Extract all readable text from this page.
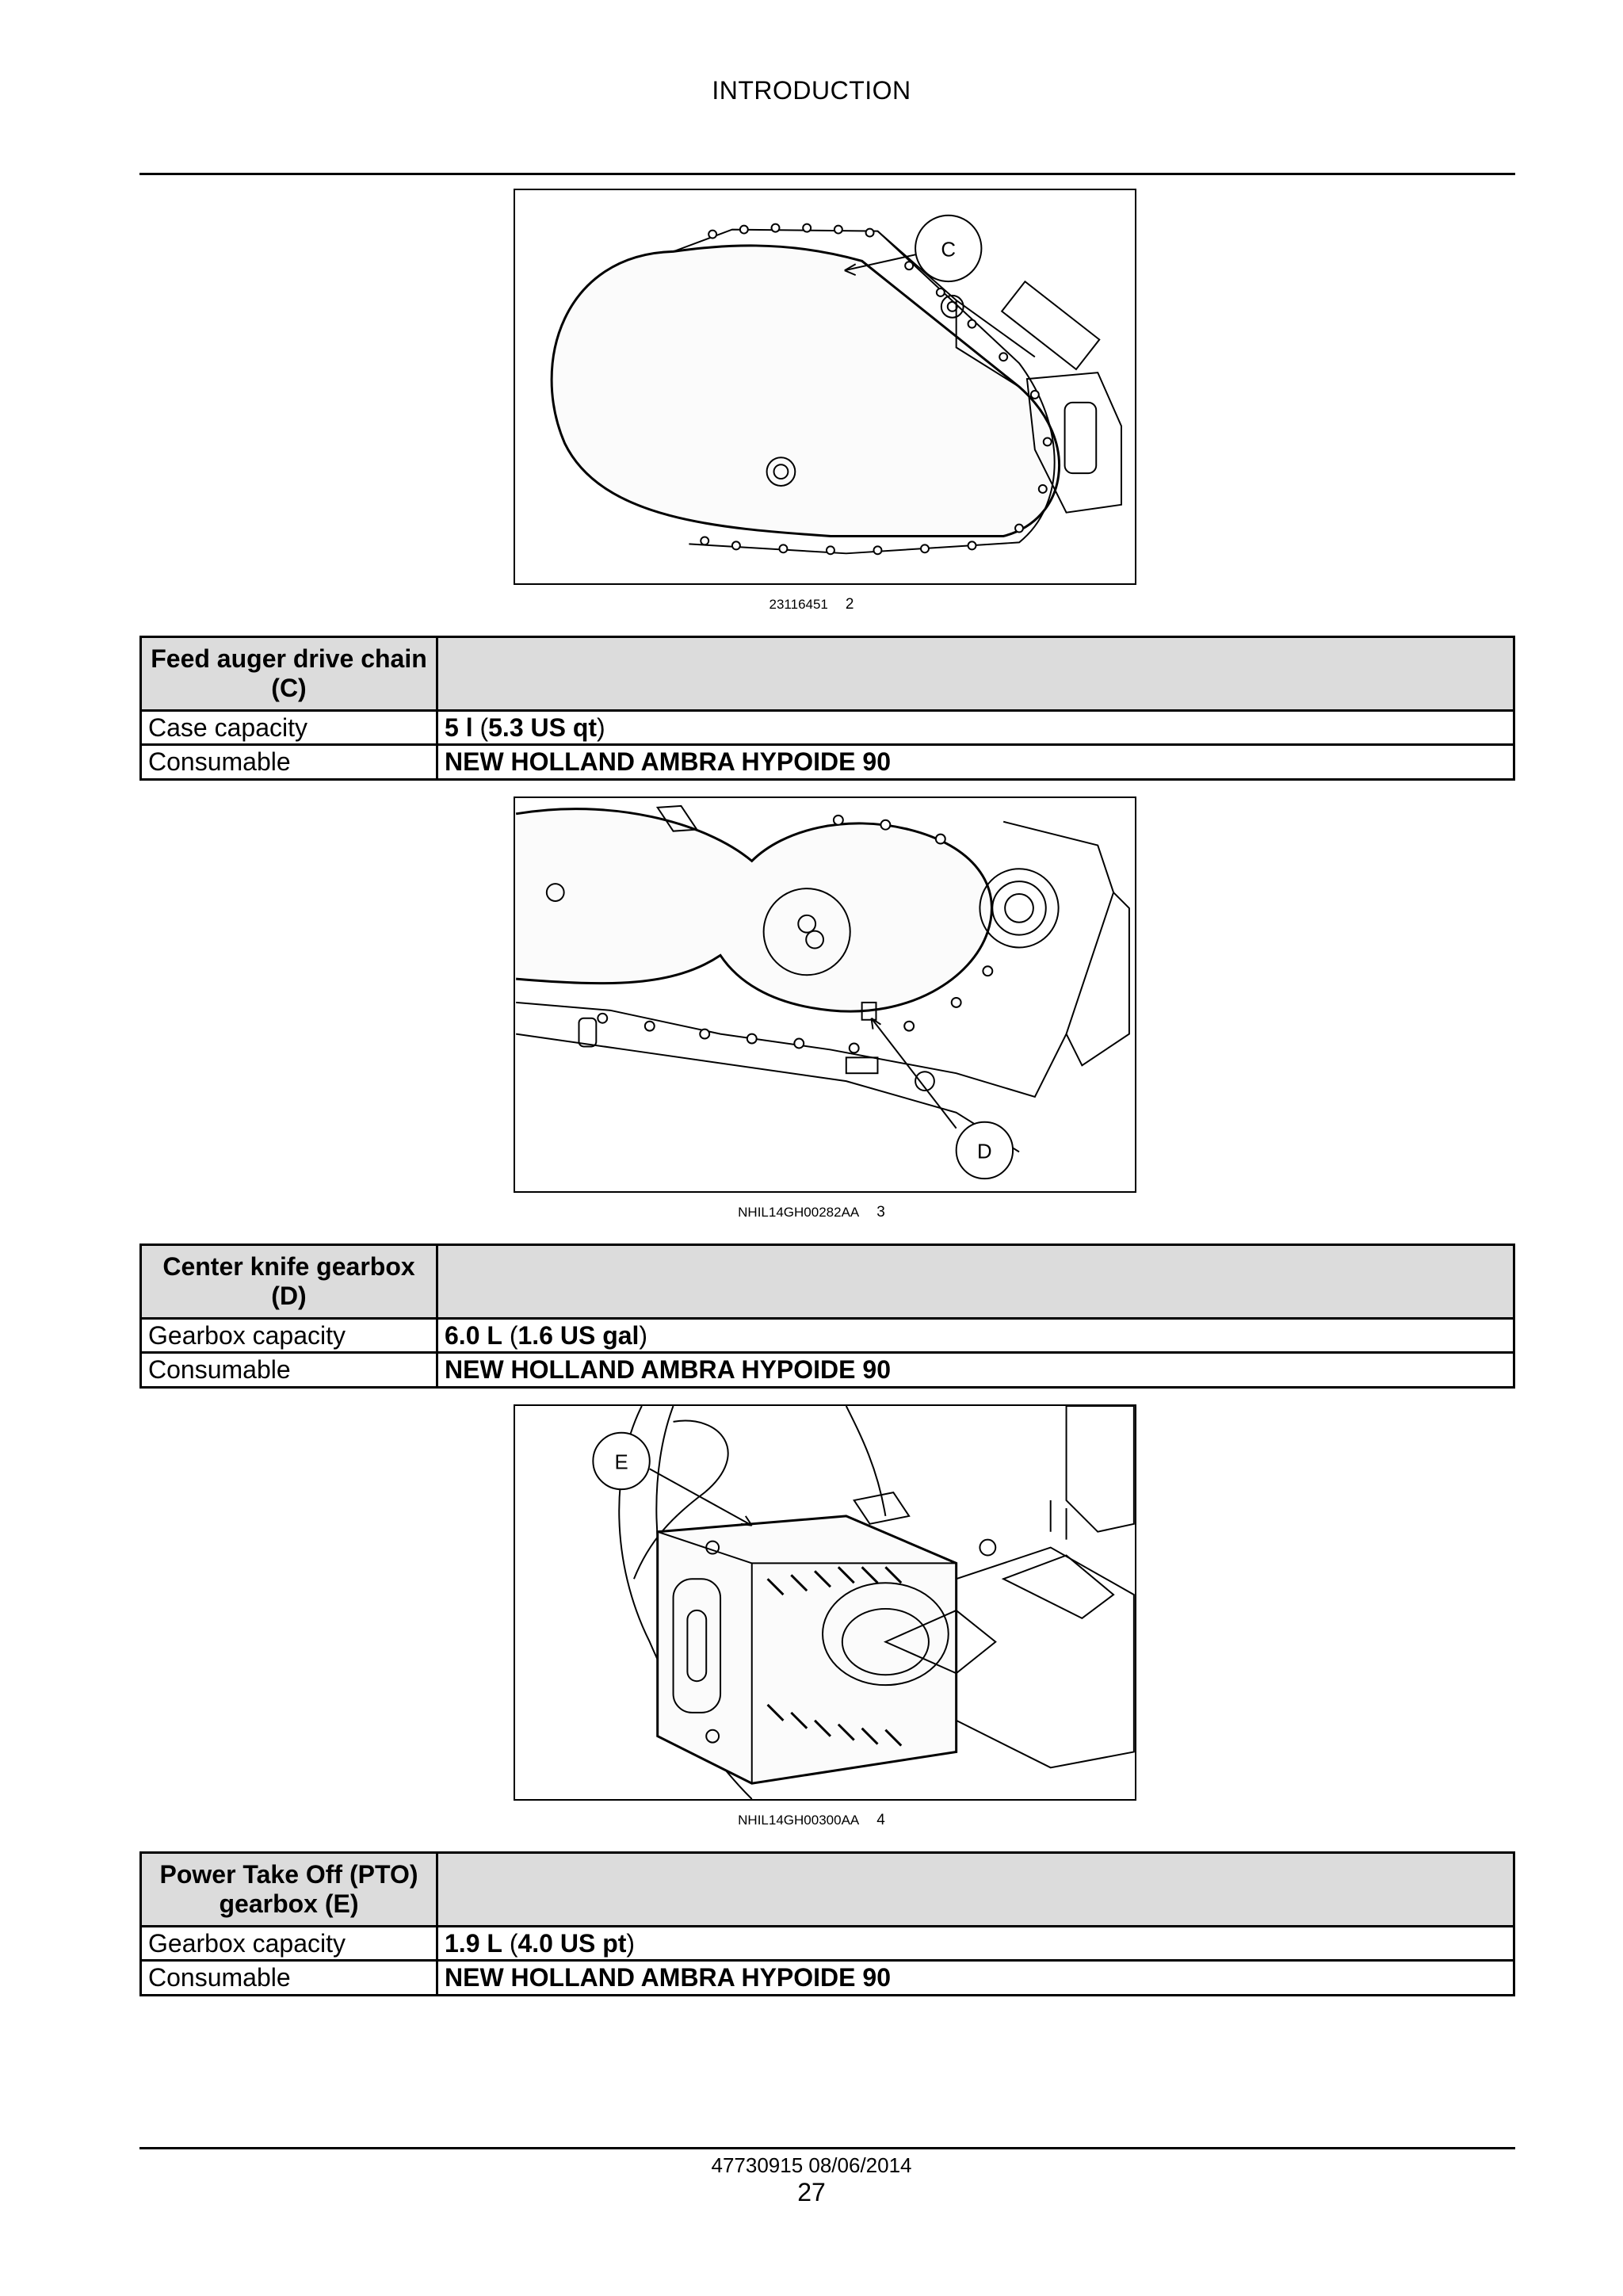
INTRODUCTION
C
23116451 2
Feed auger drive chain (C)	
Case capacity	5 l (5.3 US qt)
Consumable	NEW HOLLAND AMBRA HYPOIDE 90
D
NHIL14GH00282AA 3
Center knife gearbox (D)	
Gearbox capacity	6.0 L (1.6 US gal)
Consumable	NEW HOLLAND AMBRA HYPOIDE 90
E
NHIL14GH00300AA 4
Power Take Off (PTO) gearbox (E)	
Gearbox capacity	1.9 L (4.0 US pt)
Consumable	NEW HOLLAND AMBRA HYPOIDE 90
47730915 08/06/2014
27
